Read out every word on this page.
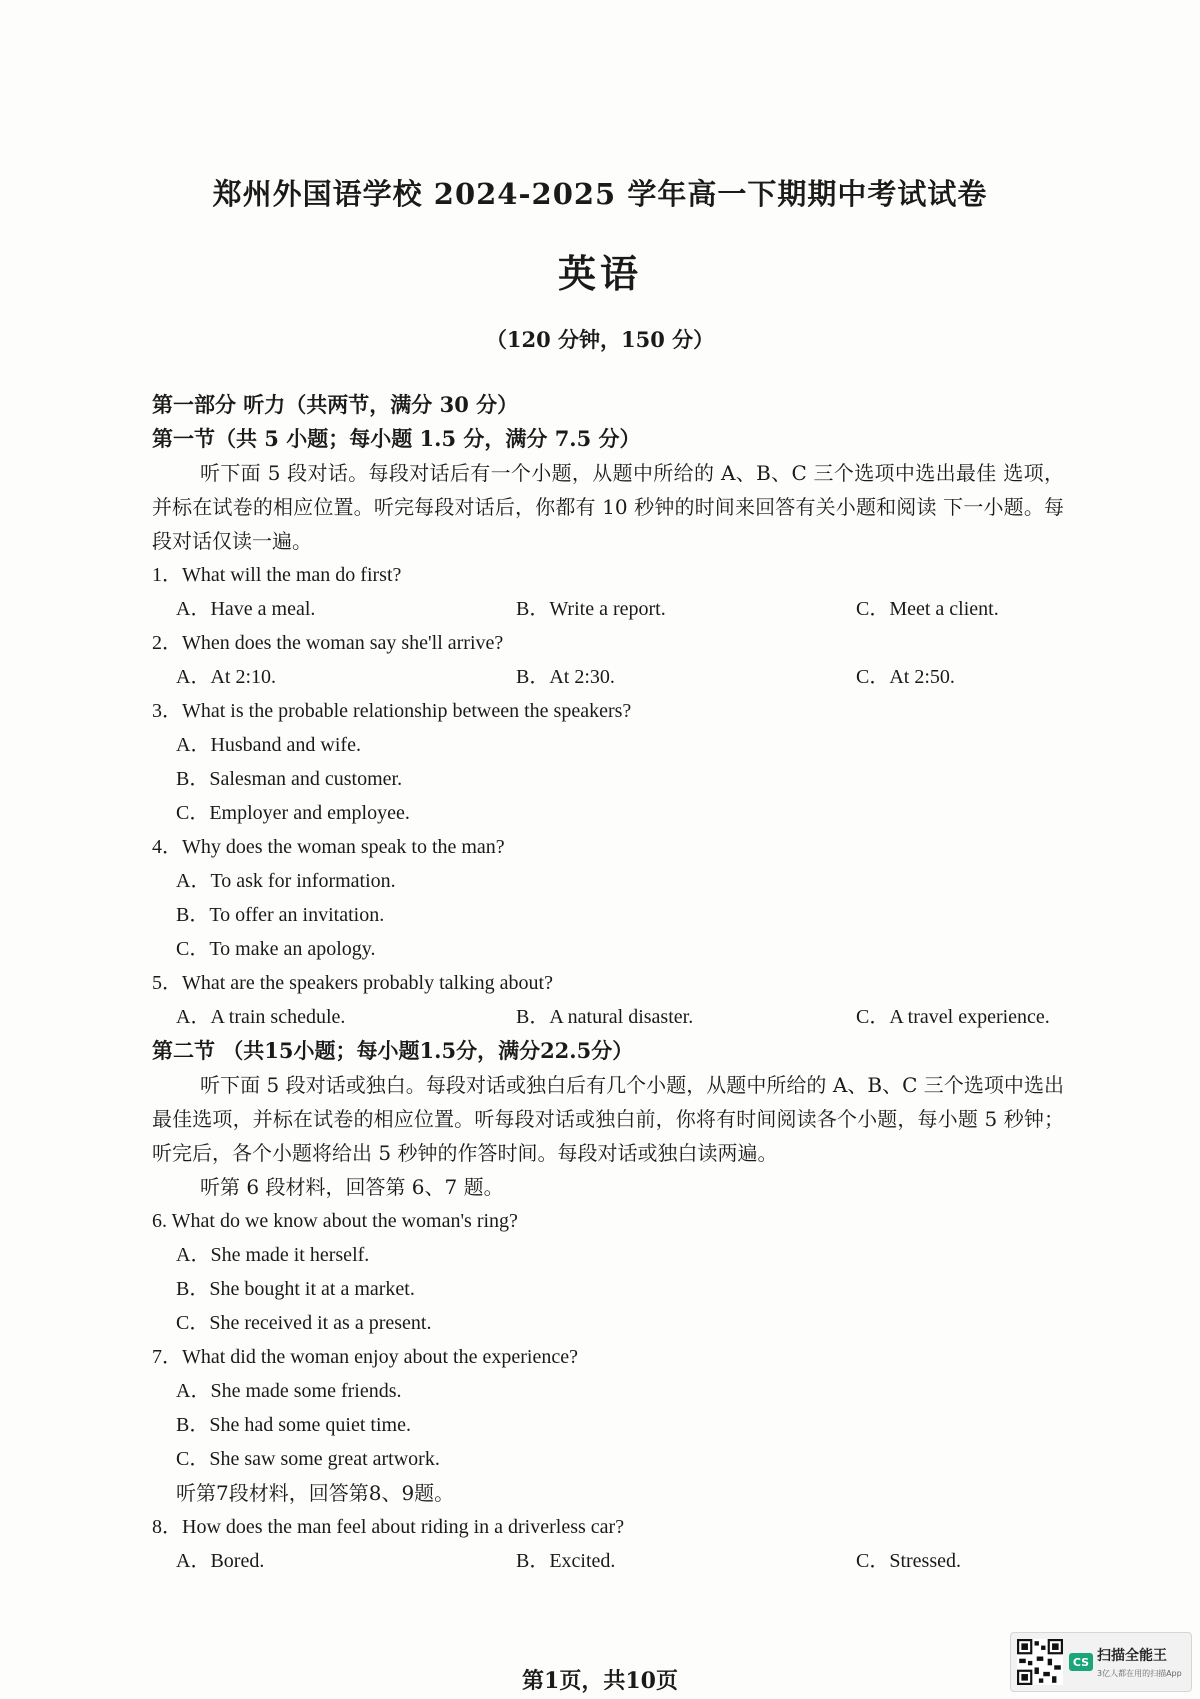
郑州外国语学校 2024-2025 学年高一下期期中考试试卷
英语
（120 分钟，150 分）
第一部分 听力（共两节，满分 30 分）
第一节（共 5 小题；每小题 1.5 分，满分 7.5 分）
听下面 5 段对话。每段对话后有一个小题，从题中所给的 A、B、C 三个选项中选出最佳 选项，并标在试卷的相应位置。听完每段对话后，你都有 10 秒钟的时间来回答有关小题和阅读 下一小题。每段对话仅读一遍。
1．What will the man do first?
A．Have a meal.	B．Write a report.	C．Meet a client.
2．When does the woman say she'll arrive?
A．At 2:10.	B．At 2:30.	C．At 2:50.
3．What is the probable relationship between the speakers?
A．Husband and wife.
B．Salesman and customer.
C．Employer and employee.
4．Why does the woman speak to the man?
A．To ask for information.
B．To offer an invitation.
C．To make an apology.
5．What are the speakers probably talking about?
A．A train schedule.	B．A natural disaster.	C．A travel experience.
第二节 （共15小题；每小题1.5分，满分22.5分）
听下面 5 段对话或独白。每段对话或独白后有几个小题，从题中所给的 A、B、C 三个选项中选出最佳选项，并标在试卷的相应位置。听每段对话或独白前，你将有时间阅读各个小题，每小题 5 秒钟；听完后，各个小题将给出 5 秒钟的作答时间。每段对话或独白读两遍。
听第 6 段材料，回答第 6、7 题。
6. What do we know about the woman's ring?
A．She made it herself.
B．She bought it at a market.
C．She received it as a present.
7．What did the woman enjoy about the experience?
A．She made some friends.
B．She had some quiet time.
C．She saw some great artwork.
听第7段材料，回答第8、9题。
8．How does the man feel about riding in a driverless car?
A．Bored.	B．Excited.	C．Stressed.
第1页，共10页
CS 扫描全能王
3亿人都在用的扫描App
